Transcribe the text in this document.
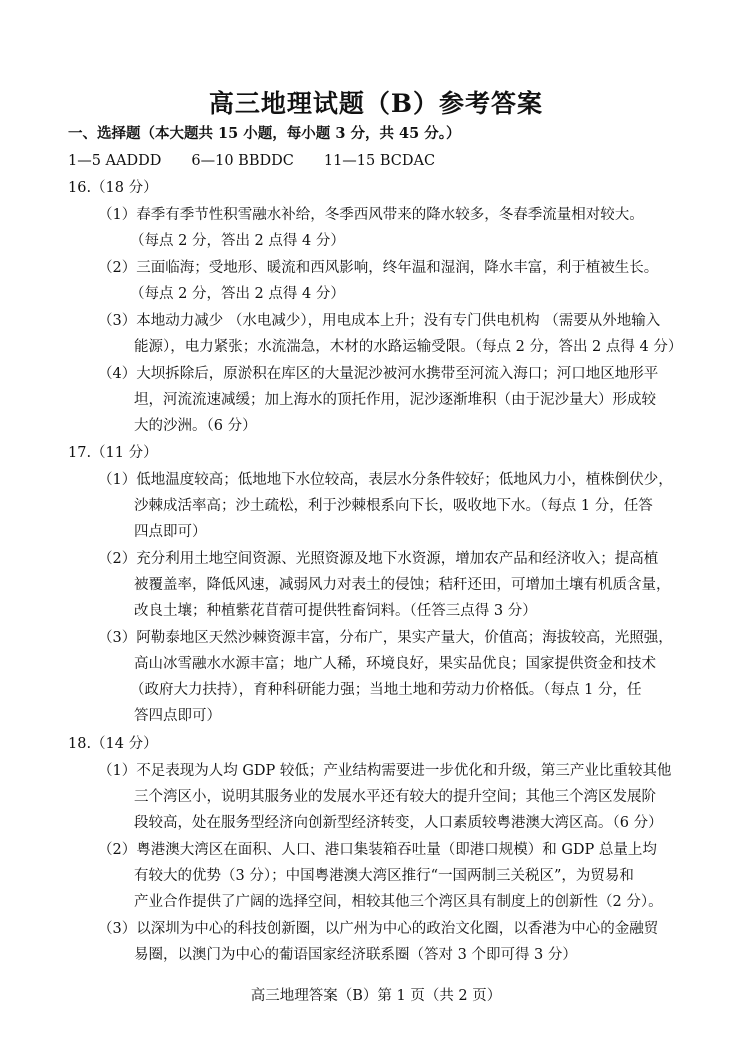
高三地理试题（B）参考答案
一、选择题（本大题共 15 小题，每小题 3 分，共 45 分。）
1—5 AADDD 6—10 BBDDC 11—15 BCDAC
16.（18 分）
（1）春季有季节性积雪融水补给，冬季西风带来的降水较多，冬春季流量相对较大。
（每点 2 分，答出 2 点得 4 分）
（2）三面临海；受地形、暖流和西风影响，终年温和湿润，降水丰富，利于植被生长。
（每点 2 分，答出 2 点得 4 分）
（3）本地动力减少 （水电减少），用电成本上升；没有专门供电机构 （需要从外地输入
能源），电力紧张；水流湍急，木材的水路运输受限。（每点 2 分，答出 2 点得 4 分）
（4）大坝拆除后，原淤积在库区的大量泥沙被河水携带至河流入海口；河口地区地形平
坦，河流流速减缓；加上海水的顶托作用，泥沙逐渐堆积（由于泥沙量大）形成较
大的沙洲。（6 分）
17.（11 分）
（1）低地温度较高；低地地下水位较高，表层水分条件较好；低地风力小，植株倒伏少，
沙棘成活率高；沙土疏松，利于沙棘根系向下长，吸收地下水。（每点 1 分，任答
四点即可）
（2）充分利用土地空间资源、光照资源及地下水资源，增加农产品和经济收入；提高植
被覆盖率，降低风速，减弱风力对表土的侵蚀；秸秆还田，可增加土壤有机质含量，
改良土壤；种植紫花苜蓿可提供牲畜饲料。（任答三点得 3 分）
（3）阿勒泰地区天然沙棘资源丰富，分布广，果实产量大，价值高；海拔较高，光照强，
高山冰雪融水水源丰富；地广人稀，环境良好，果实品优良；国家提供资金和技术
（政府大力扶持），育种科研能力强；当地土地和劳动力价格低。（每点 1 分，任
答四点即可）
18.（14 分）
（1）不足表现为人均 GDP 较低；产业结构需要进一步优化和升级，第三产业比重较其他
三个湾区小，说明其服务业的发展水平还有较大的提升空间；其他三个湾区发展阶
段较高，处在服务型经济向创新型经济转变，人口素质较粤港澳大湾区高。（6 分）
（2）粤港澳大湾区在面积、人口、港口集装箱吞吐量（即港口规模）和 GDP 总量上均
有较大的优势（3 分）；中国粤港澳大湾区推行“一国两制三关税区”，为贸易和
产业合作提供了广阔的选择空间，相较其他三个湾区具有制度上的创新性（2 分）。
（3）以深圳为中心的科技创新圈，以广州为中心的政治文化圈，以香港为中心的金融贸
易圈，以澳门为中心的葡语国家经济联系圈（答对 3 个即可得 3 分）
高三地理答案（B）第 1 页（共 2 页）
